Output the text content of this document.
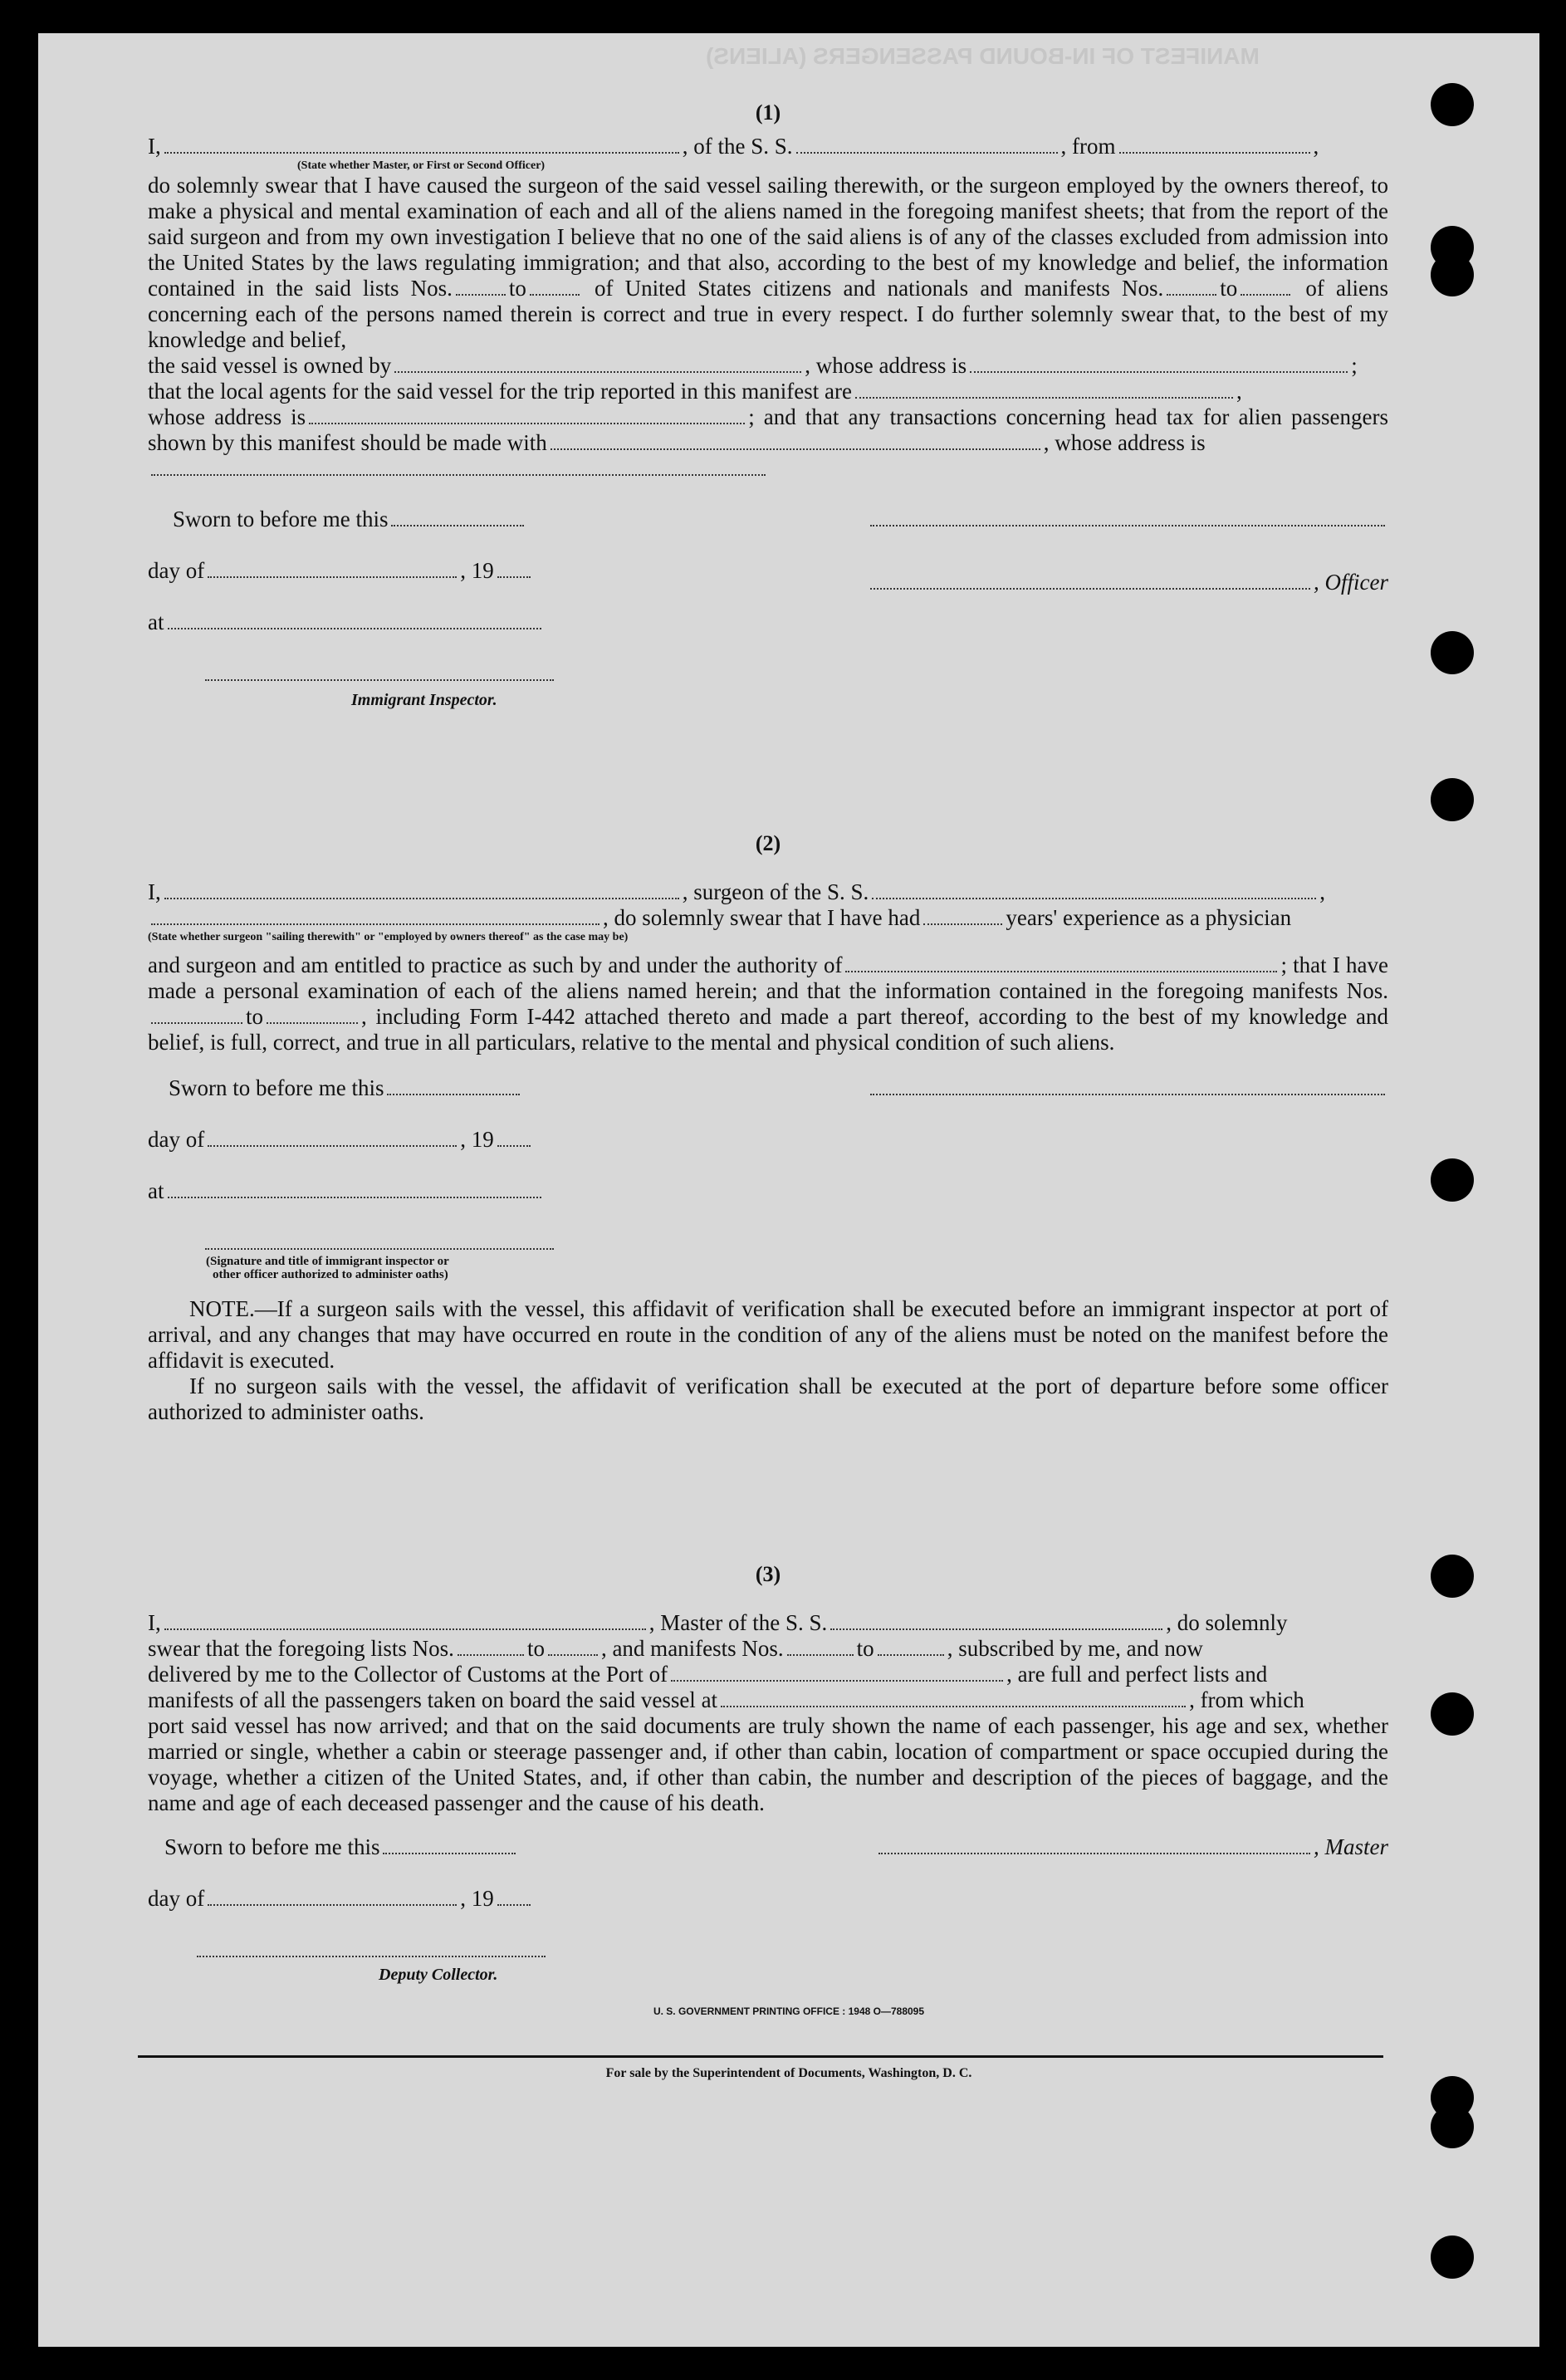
MANIFEST OF IN-BOUND PASSENGERS (ALIENS)
(1)

I,	, of the S. S.	, from	,

(State whether Master, or First or Second Officer)

do solemnly swear that I have caused the surgeon of the said vessel sailing therewith, or the surgeon employed by the owners thereof, to make a physical and mental examination of each and all of the aliens named in the foregoing manifest sheets; that from the report of the said surgeon and from my own investigation I believe that no one of the said aliens is of any of the classes excluded from admission into the United States by the laws regulating immigration; and that also, according to the best of my knowledge and belief, the information contained in the said lists Nos.	to	of United States citizens and nationals and manifests Nos.	to	of aliens concerning each of the persons named therein is correct and true in every respect. I do further solemnly swear that, to the best of my knowledge and belief,

the said vessel is owned by	, whose address is	;

that the local agents for the said vessel for the trip reported in this manifest are	,

whose address is	; and that any transactions concerning head tax for alien passengers shown by this manifest should be made with	, whose address is

Sworn to before me this
day of	, 19	, Officer
at
Immigrant Inspector.
(2)

I,	, surgeon of the S. S.	,

, do solemnly swear that I have had	years' experience as a physician

(State whether surgeon "sailing therewith" or "employed by owners thereof" as the case may be)

and surgeon and am entitled to practice as such by and under the authority of	; that I have made a personal examination of each of the aliens named herein; and that the information contained in the foregoing manifests Nos.to	, including Form I-442 attached thereto and made a part thereof, according to the best of my knowledge and belief, is full, correct, and true in all particulars, relative to the mental and physical condition of such aliens.

Sworn to before me this
day of	, 19
at

(Signature and title of immigrant inspector or

other officer authorized to administer oaths)

NOTE.—If a surgeon sails with the vessel, this affidavit of verification shall be executed before an immigrant inspector at port of arrival, and any changes that may have occurred en route in the condition of any of the aliens must be noted on the manifest before the affidavit is executed.

If no surgeon sails with the vessel, the affidavit of verification shall be executed at the port of departure before some officer authorized to administer oaths.

(3)

I,	, Master of the S. S.	, do solemnly

swear that the foregoing lists Nos.	to	, and manifests Nos.	to	, subscribed by me, and now

delivered by me to the Collector of Customs at the Port of	, are full and perfect lists and

manifests of all the passengers taken on board the said vessel at	, from which

port said vessel has now arrived; and that on the said documents are truly shown the name of each passenger, his age and sex, whether married or single, whether a cabin or steerage passenger and, if other than cabin, location of compartment or space occupied during the voyage, whether a citizen of the United States, and, if other than cabin, the number and description of the pieces of baggage, and the name and age of each deceased passenger and the cause of his death.

Sworn to before me this	, Master
day of	, 19
Deputy Collector.
U. S. GOVERNMENT PRINTING OFFICE : 1948 O—788095
For sale by the Superintendent of Documents, Washington, D. C.
